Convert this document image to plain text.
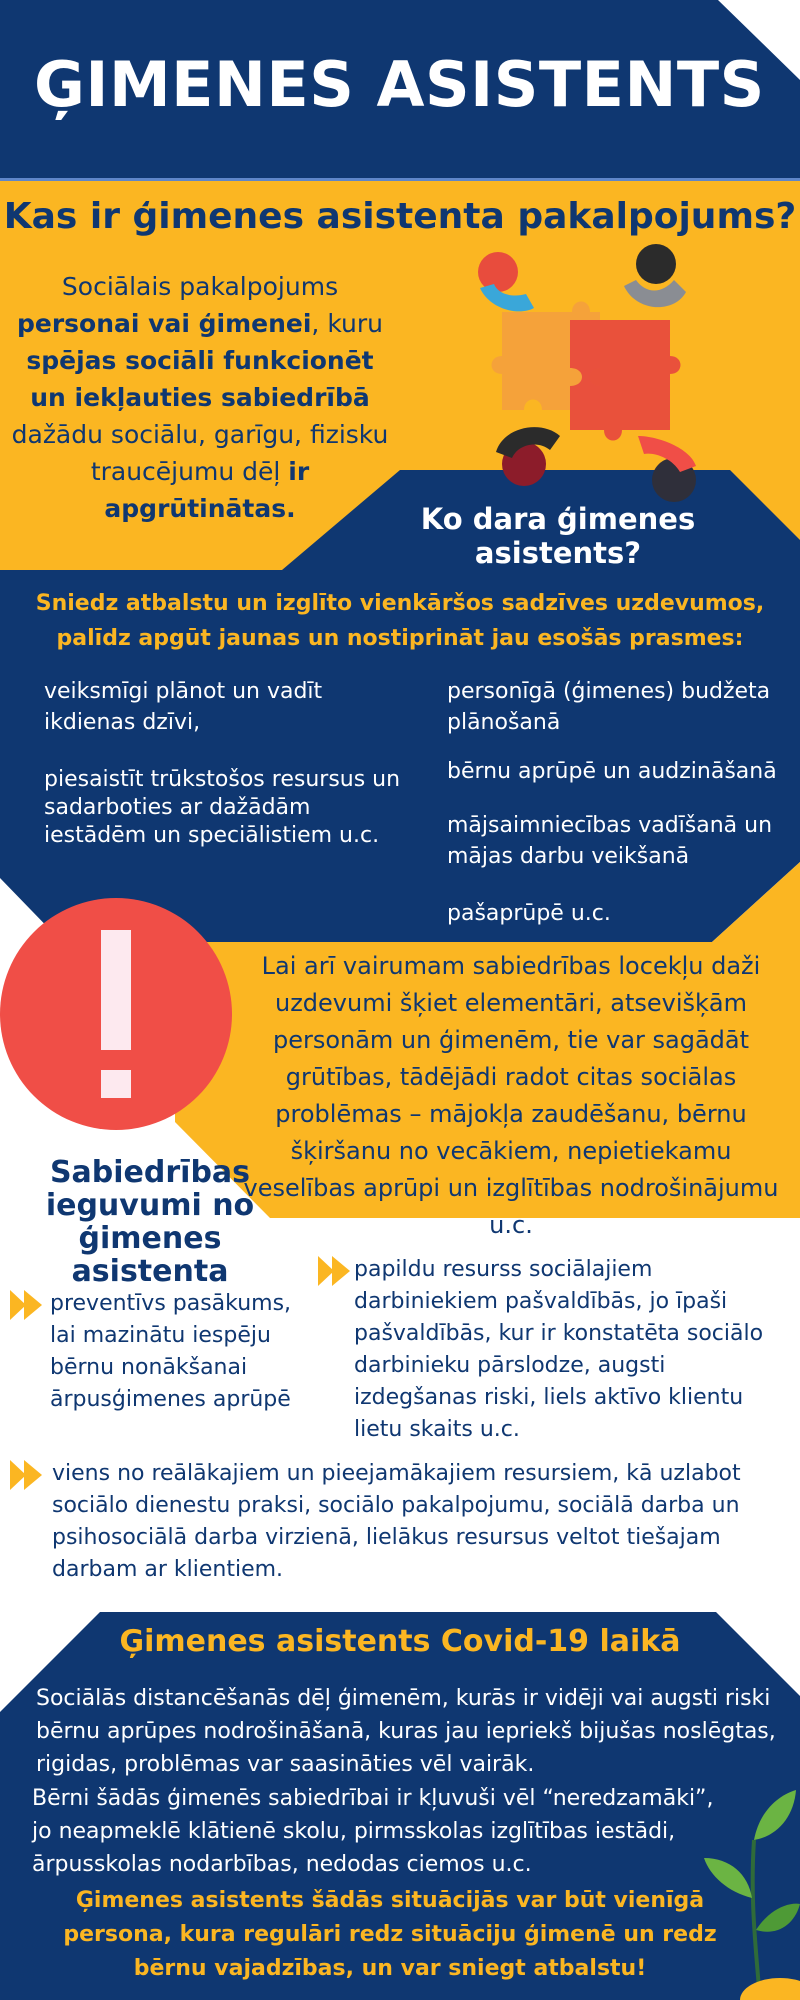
ĢIMENES ASISTENTS
Kas ir ģimenes asistenta pakalpojums?
Sociālais pakalpojums
personai vai ģimenei, kuru
spējas sociāli funkcionēt un iekļauties sabiedrībā dažādu sociālu, garīgu, fizisku traucējumu dēļ ir apgrūtinātas.	Ko dara ģimenes asistents?
Sniedz atbalstu un izglīto vienkāršos sadzīves uzdevumos, palīdz apgūt jaunas un nostiprināt jau esošās prasmes:
veiksmīgi plānot un vadīt ikdienas dzīvi,
piesaistīt trūkstošos resursus un sadarboties ar dažādām iestādēm un speciālistiem u.c.
personīgā (ģimenes) budžeta plānošanā
bērnu aprūpē un audzināšanā
mājsaimniecības vadīšanā un mājas darbu veikšanā
pašaprūpē u.c.
Lai arī vairumam sabiedrības locekļu daži uzdevumi šķiet elementāri, atsevišķām personām un ģimenēm, tie var sagādāt grūtības, tādējādi radot citas sociālas problēmas – mājokļa zaudēšanu, bērnu šķiršanu no vecākiem, nepietiekamu veselības aprūpi un izglītības nodrošinājumu u.c.
Sabiedrības ieguvumi no ģimenes asistenta
preventīvs pasākums, lai mazinātu iespēju bērnu nonākšanai ārpusģimenes aprūpē
papildu resurss sociālajiem darbiniekiem pašvaldībās, jo īpaši pašvaldībās, kur ir konstatēta sociālo darbinieku pārslodze, augsti izdegšanas riski, liels aktīvo klientu lietu skaits u.c.
viens no reālākajiem un pieejamākajiem resursiem, kā uzlabot sociālo dienestu praksi, sociālo pakalpojumu, sociālā darba un psihosociālā darba virzienā, lielākus resursus veltot tiešajam darbam ar klientiem.
Ģimenes asistents Covid-19 laikā
Sociālās distancēšanās dēļ ģimenēm, kurās ir vidēji vai augsti riski bērnu aprūpes nodrošināšanā, kuras jau iepriekš bijušas noslēgtas, rigidas, problēmas var saasināties vēl vairāk.
Bērni šādās ģimenēs sabiedrībai ir kļuvuši vēl “neredzamāki”, jo neapmeklē klātienē skolu, pirmsskolas izglītības iestādi, ārpusskolas nodarbības, nedodas ciemos u.c.
Ģimenes asistents šādās situācijās var būt vienīgā persona, kura regulāri redz situāciju ģimenē un redz bērnu vajadzības, un var sniegt atbalstu!
